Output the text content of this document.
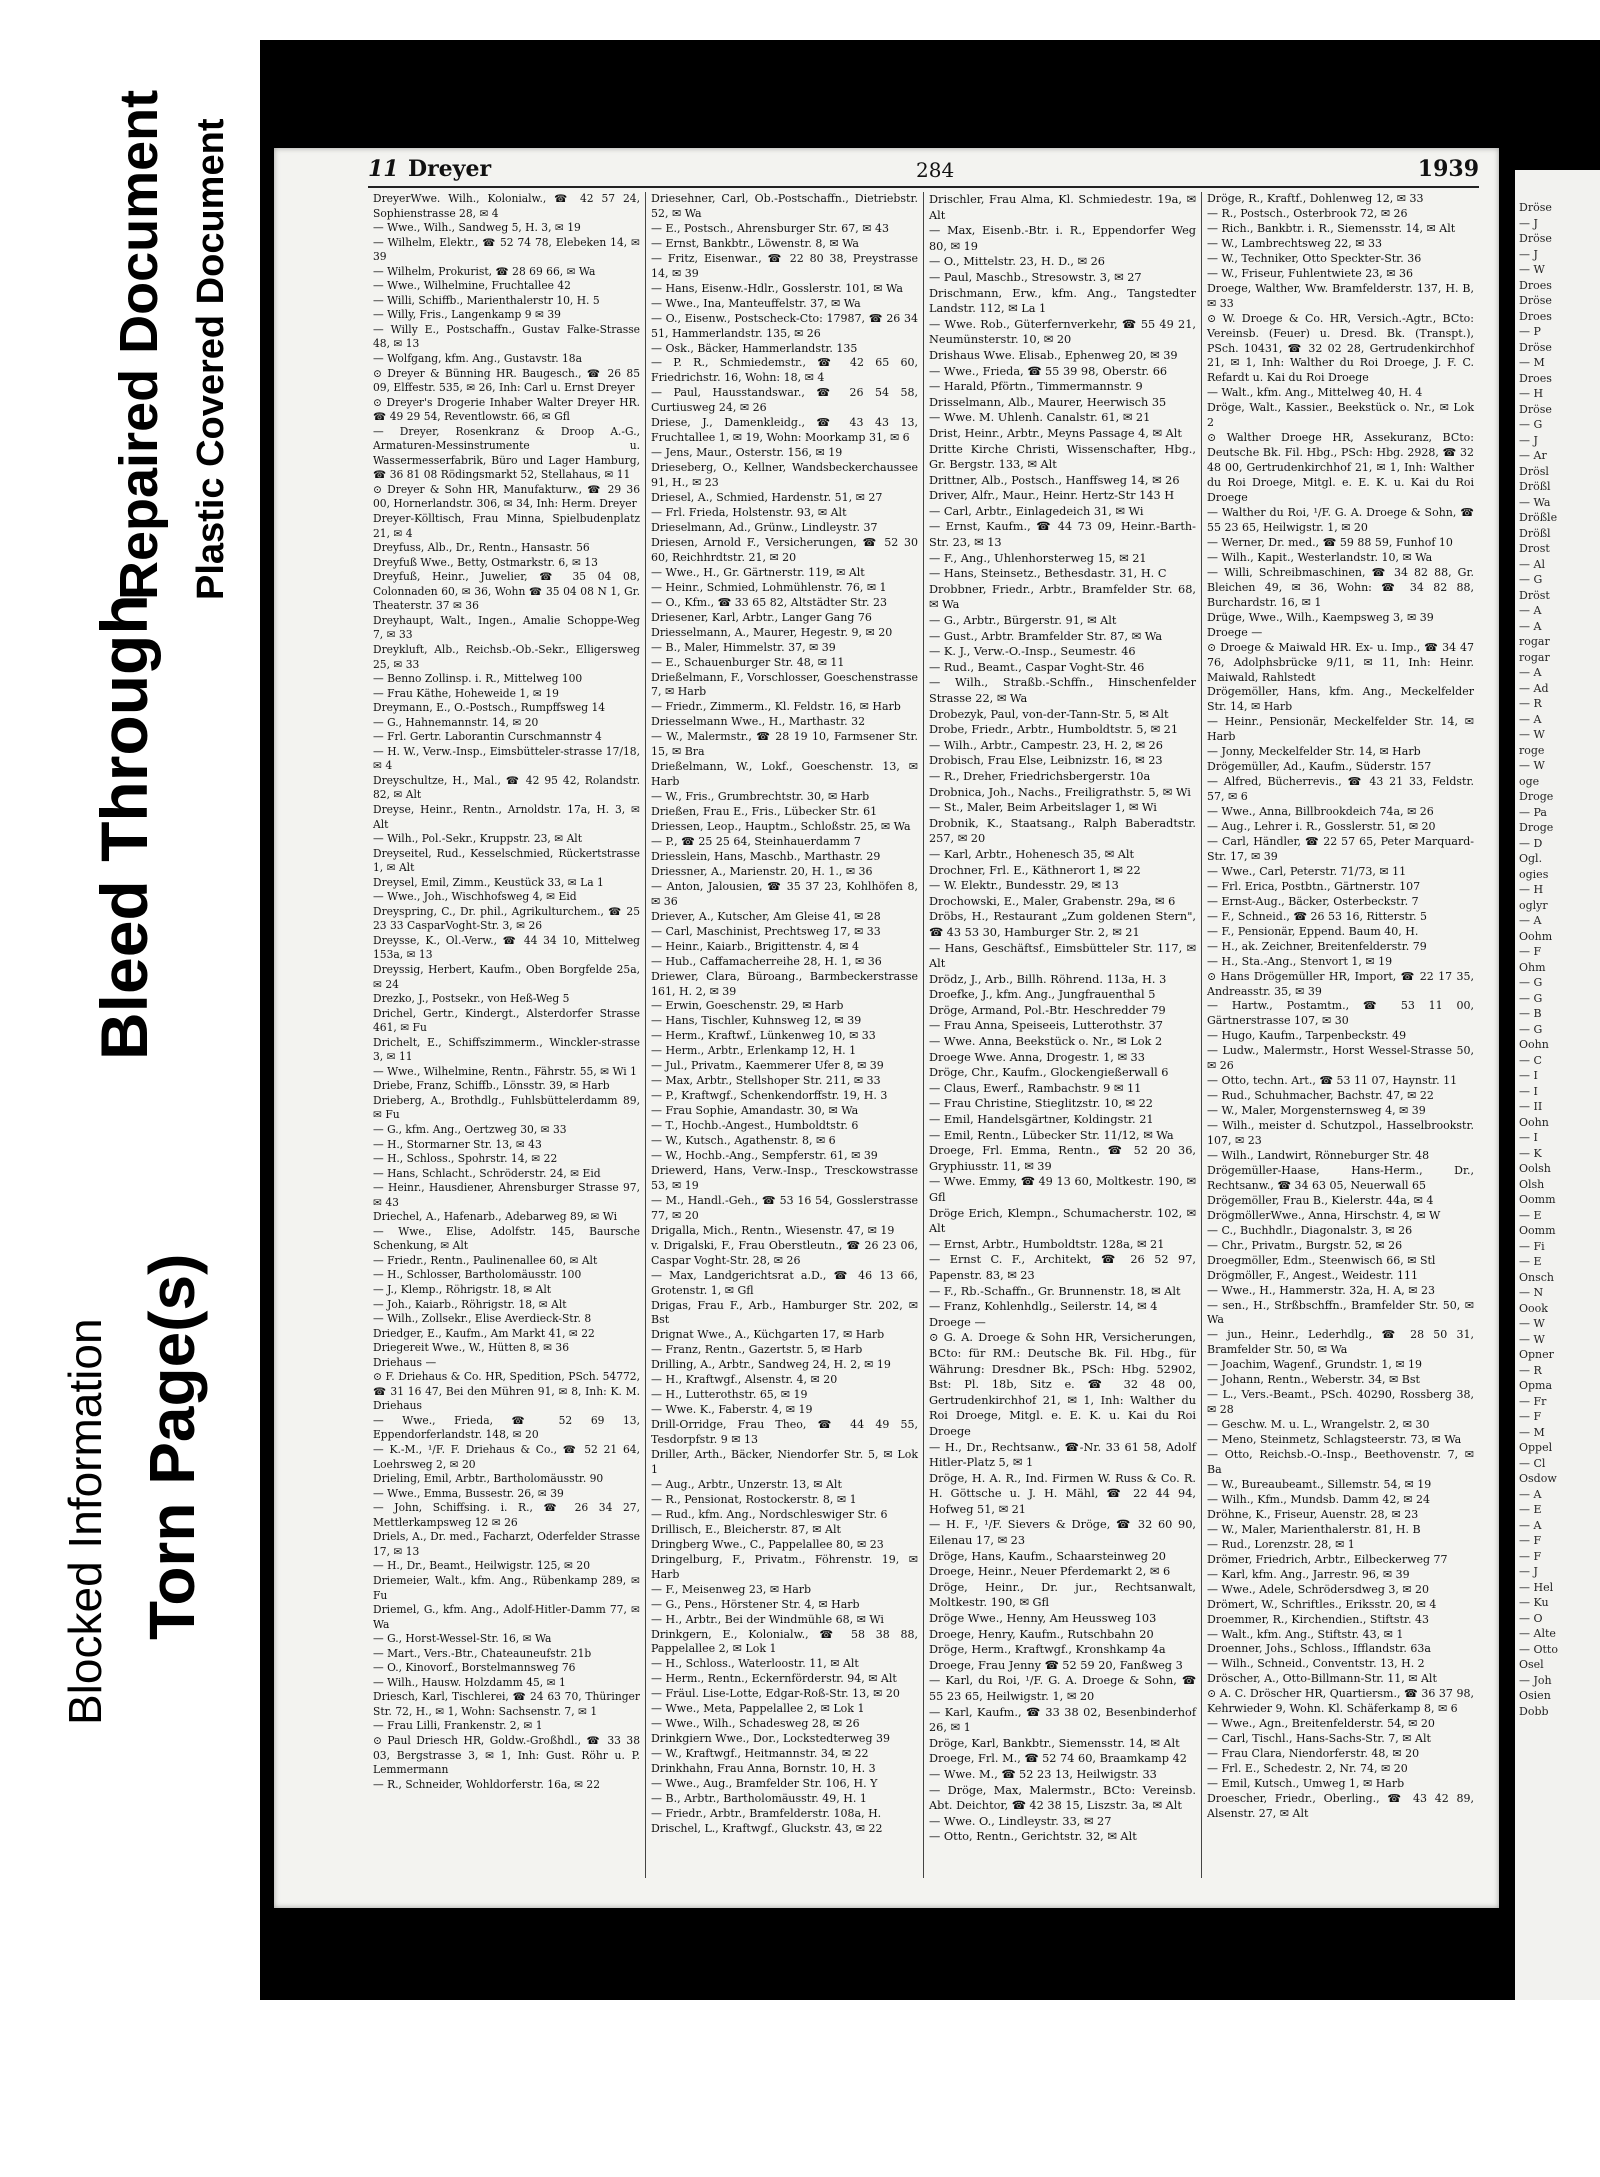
Blocked Information Torn Page(s)
Bleed Through
Repaired Document Plastic Covered Document	Dröse
— J
Dröse
— J
— W
Droes
Dröse
Droes
— P
Dröse
— M
Droes
— H
Dröse
— G
— J
— Ar
Drösl
Drößl
— Wa
Drößle
Drößl
Drost
— Al
— G
Dröst
— A
— A
rogar
rogar
— A
— Ad
— R
— A
— W
roge
— W
oge
Droge
— Pa
Droge
— D
Ogl.
ogies
— H
oglyr
— A
Oohm
— F
Ohm
— G
— G
— B
— G
Oohn
— C
— I
— I
— II
Oohn
— I
— K
Oolsh
Olsh
Oomm
— E
Oomm
— Fi
— E
Onsch
— N
Oook
— W
— W
Opner
— R
Opma
— Fr
— F
— M
Oppel
— Cl
Osdow
— A
— E
— A
— F
— F
— J
— Hel
— Ku
— O
— Alte
— Otto
Osel
— Joh
Osien
Dobb
11 Dreyer	284	1939
DreyerWwe. Wilh., Kolonialw., ☎ 42 57 24, Sophienstrasse 28, ✉ 4
— Wwe., Wilh., Sandweg 5, H. 3, ✉ 19
— Wilhelm, Elektr., ☎ 52 74 78, Elebeken 14, ✉ 39
— Wilhelm, Prokurist, ☎ 28 69 66, ✉ Wa
— Wwe., Wilhelmine, Fruchtallee 42
— Willi, Schiffb., Marienthalerstr 10, H. 5
— Willy, Fris., Langenkamp 9 ✉ 39
— Willy E., Postschaffn., Gustav Falke-Strasse 48, ✉ 13
— Wolfgang, kfm. Ang., Gustavstr. 18a
⊙ Dreyer & Bünning HR. Baugesch., ☎ 26 85 09, Elffestr. 535, ✉ 26, Inh: Carl u. Ernst Dreyer
⊙ Dreyer's Drogerie Inhaber Walter Dreyer HR. ☎ 49 29 54, Reventlowstr. 66, ✉ Gfl
— Dreyer, Rosenkranz & Droop A.-G., Armaturen-Messinstrumente u. Wassermesserfabrik, Büro und Lager Hamburg, ☎ 36 81 08 Rödingsmarkt 52, Stellahaus, ✉ 11
⊙ Dreyer & Sohn HR, Manufakturw., ☎ 29 36 00, Hornerlandstr. 306, ✉ 34, Inh: Herm. Dreyer
Dreyer-Kölltisch, Frau Minna, Spielbudenplatz 21, ✉ 4
Dreyfuss, Alb., Dr., Rentn., Hansastr. 56
Dreyfuß Wwe., Betty, Ostmarkstr. 6, ✉ 13
Dreyfuß, Heinr., Juwelier, ☎ 35 04 08, Colonnaden 60, ✉ 36, Wohn ☎ 35 04 08 N 1, Gr. Theaterstr. 37 ✉ 36
Dreyhaupt, Walt., Ingen., Amalie Schoppe-Weg 7, ✉ 33
Dreykluft, Alb., Reichsb.-Ob.-Sekr., Elligersweg 25, ✉ 33
— Benno Zollinsp. i. R., Mittelweg 100
— Frau Käthe, Hoheweide 1, ✉ 19
Dreymann, E., O.-Postsch., Rumpffsweg 14
— G., Hahnemannstr. 14, ✉ 20
— Frl. Gertr. Laborantin Curschmannstr 4
— H. W., Verw.-Insp., Eimsbütteler-strasse 17/18, ✉ 4
Dreyschultze, H., Mal., ☎ 42 95 42, Rolandstr. 82, ✉ Alt
Dreyse, Heinr., Rentn., Arnoldstr. 17a, H. 3, ✉ Alt
— Wilh., Pol.-Sekr., Kruppstr. 23, ✉ Alt
Dreyseitel, Rud., Kesselschmied, Rückertstrasse 1, ✉ Alt
Dreysel, Emil, Zimm., Keustück 33, ✉ La 1
— Wwe., Joh., Wischhofsweg 4, ✉ Eid
Dreyspring, C., Dr. phil., Agrikulturchem., ☎ 25 23 33 CasparVoght-Str. 3, ✉ 26
Dreysse, K., Ol.-Verw., ☎ 44 34 10, Mittelweg 153a, ✉ 13
Dreyssig, Herbert, Kaufm., Oben Borgfelde 25a, ✉ 24
Drezko, J., Postsekr., von Heß-Weg 5
Drichel, Gertr., Kindergt., Alsterdorfer Strasse 461, ✉ Fu
Drichelt, E., Schiffszimmerm., Winckler-strasse 3, ✉ 11
— Wwe., Wilhelmine, Rentn., Fährstr. 55, ✉ Wi 1
Driebe, Franz, Schiffb., Lönsstr. 39, ✉ Harb
Drieberg, A., Brothdlg., Fuhlsbüttelerdamm 89, ✉ Fu
— G., kfm. Ang., Oertzweg 30, ✉ 33
— H., Stormarner Str. 13, ✉ 43
— H., Schloss., Spohrstr. 14, ✉ 22
— Hans, Schlacht., Schröderstr. 24, ✉ Eid
— Heinr., Hausdiener, Ahrensburger Strasse 97, ✉ 43
Driechel, A., Hafenarb., Adebarweg 89, ✉ Wi
— Wwe., Elise, Adolfstr. 145, Baursche Schenkung, ✉ Alt
— Friedr., Rentn., Paulinenallee 60, ✉ Alt
— H., Schlosser, Bartholomäusstr. 100
— J., Klemp., Röhrigstr. 18, ✉ Alt
— Joh., Kaiarb., Röhrigstr. 18, ✉ Alt
— Wilh., Zollsekr., Elise Averdieck-Str. 8
Driedger, E., Kaufm., Am Markt 41, ✉ 22
Driegereit Wwe., W., Hütten 8, ✉ 36
Driehaus —
⊙ F. Driehaus & Co. HR, Spedition, PSch. 54772, ☎ 31 16 47, Bei den Mühren 91, ✉ 8, Inh: K. M. Driehaus
— Wwe., Frieda, ☎ 52 69 13, Eppendorferlandstr. 148, ✉ 20
— K.-M., ¹/F. F. Driehaus & Co., ☎ 52 21 64, Loehrsweg 2, ✉ 20
Drieling, Emil, Arbtr., Bartholomäusstr. 90
— Wwe., Emma, Bussestr. 26, ✉ 39
— John, Schiffsing. i. R., ☎ 26 34 27, Mettlerkampsweg 12 ✉ 26
Driels, A., Dr. med., Facharzt, Oderfelder Strasse 17, ✉ 13
— H., Dr., Beamt., Heilwigstr. 125, ✉ 20
Driemeier, Walt., kfm. Ang., Rübenkamp 289, ✉ Fu
Driemel, G., kfm. Ang., Adolf-Hitler-Damm 77, ✉ Wa
— G., Horst-Wessel-Str. 16, ✉ Wa
— Mart., Vers.-Btr., Chateauneufstr. 21b
— O., Kinovorf., Borstelmannsweg 76
— Wilh., Hausw. Holzdamm 45, ✉ 1
Driesch, Karl, Tischlerei, ☎ 24 63 70, Thüringer Str. 72, H., ✉ 1, Wohn: Sachsenstr. 7, ✉ 1
— Frau Lilli, Frankenstr. 2, ✉ 1
⊙ Paul Driesch HR, Goldw.-Großhdl., ☎ 33 38 03, Bergstrasse 3, ✉ 1, Inh: Gust. Röhr u. P. Lemmermann
— R., Schneider, Wohldorferstr. 16a, ✉ 22
Driesehner, Carl, Ob.-Postschaffn., Dietriebstr. 52, ✉ Wa
— E., Postsch., Ahrensburger Str. 67, ✉ 43
— Ernst, Bankbtr., Löwenstr. 8, ✉ Wa
— Fritz, Eisenwar., ☎ 22 80 38, Preystrasse 14, ✉ 39
— Hans, Eisenw.-Hdlr., Gosslerstr. 101, ✉ Wa
— Wwe., Ina, Manteuffelstr. 37, ✉ Wa
— O., Eisenw., Postscheck-Cto: 17987, ☎ 26 34 51, Hammerlandstr. 135, ✉ 26
— Osk., Bäcker, Hammerlandstr. 135
— P. R., Schmiedemstr., ☎ 42 65 60, Friedrichstr. 16, Wohn: 18, ✉ 4
— Paul, Hausstandswar., ☎ 26 54 58, Curtiusweg 24, ✉ 26
Driese, J., Damenkleidg., ☎ 43 43 13, Fruchtallee 1, ✉ 19, Wohn: Moorkamp 31, ✉ 6
— Jens, Maur., Osterstr. 156, ✉ 19
Drieseberg, O., Kellner, Wandsbeckerchaussee 91, H., ✉ 23
Driesel, A., Schmied, Hardenstr. 51, ✉ 27
— Frl. Frieda, Holstenstr. 93, ✉ Alt
Drieselmann, Ad., Grünw., Lindleystr. 37
Driesen, Arnold F., Versicherungen, ☎ 52 30 60, Reichhrdtstr. 21, ✉ 20
— Wwe., H., Gr. Gärtnerstr. 119, ✉ Alt
— Heinr., Schmied, Lohmühlenstr. 76, ✉ 1
— O., Kfm., ☎ 33 65 82, Altstädter Str. 23
Driesener, Karl, Arbtr., Langer Gang 76
Driesselmann, A., Maurer, Hegestr. 9, ✉ 20
— B., Maler, Himmelstr. 37, ✉ 39
— E., Schauenburger Str. 48, ✉ 11
Drießelmann, F., Vorschlosser, Goeschenstrasse 7, ✉ Harb
— Friedr., Zimmerm., Kl. Feldstr. 16, ✉ Harb
Driesselmann Wwe., H., Marthastr. 32
— W., Malermstr., ☎ 28 19 10, Farmsener Str. 15, ✉ Bra
Drießelmann, W., Lokf., Goeschenstr. 13, ✉ Harb
— W., Fris., Grumbrechtstr. 30, ✉ Harb
Drießen, Frau E., Fris., Lübecker Str. 61
Driessen, Leop., Hauptm., Schloßstr. 25, ✉ Wa
— P., ☎ 25 25 64, Steinhauerdamm 7
Driesslein, Hans, Maschb., Marthastr. 29
Driessner, A., Marienstr. 20, H. 1., ✉ 36
— Anton, Jalousien, ☎ 35 37 23, Kohlhöfen 8, ✉ 36
Driever, A., Kutscher, Am Gleise 41, ✉ 28
— Carl, Maschinist, Prechtsweg 17, ✉ 33
— Heinr., Kaiarb., Brigittenstr. 4, ✉ 4
— Hub., Caffamacherreihe 28, H. 1, ✉ 36
Driewer, Clara, Büroang., Barmbeckerstrasse 161, H. 2, ✉ 39
— Erwin, Goeschenstr. 29, ✉ Harb
— Hans, Tischler, Kuhnsweg 12, ✉ 39
— Herm., Kraftwf., Lünkenweg 10, ✉ 33
— Herm., Arbtr., Erlenkamp 12, H. 1
— Jul., Privatm., Kaemmerer Ufer 8, ✉ 39
— Max, Arbtr., Stellshoper Str. 211, ✉ 33
— P., Kraftwgf., Schenkendorffstr. 19, H. 3
— Frau Sophie, Amandastr. 30, ✉ Wa
— T., Hochb.-Angest., Humboldtstr. 6
— W., Kutsch., Agathenstr. 8, ✉ 6
— W., Hochb.-Ang., Sempferstr. 61, ✉ 39
Driewerd, Hans, Verw.-Insp., Tresckowstrasse 53, ✉ 19
— M., Handl.-Geh., ☎ 53 16 54, Gosslerstrasse 77, ✉ 20
Drigalla, Mich., Rentn., Wiesenstr. 47, ✉ 19
v. Drigalski, F., Frau Oberstleutn., ☎ 26 23 06, Caspar Voght-Str. 28, ✉ 26
— Max, Landgerichtsrat a.D., ☎ 46 13 66, Grotenstr. 1, ✉ Gfl
Drigas, Frau F., Arb., Hamburger Str. 202, ✉ Bst
Drignat Wwe., A., Küchgarten 17, ✉ Harb
— Franz, Rentn., Gazertstr. 5, ✉ Harb
Drilling, A., Arbtr., Sandweg 24, H. 2, ✉ 19
— H., Kraftwgf., Alsenstr. 4, ✉ 20
— H., Lutterothstr. 65, ✉ 19
— Wwe. K., Faberstr. 4, ✉ 19
Drill-Orridge, Frau Theo, ☎ 44 49 55, Tesdorpfstr. 9 ✉ 13
Driller, Arth., Bäcker, Niendorfer Str. 5, ✉ Lok 1
— Aug., Arbtr., Unzerstr. 13, ✉ Alt
— R., Pensionat, Rostockerstr. 8, ✉ 1
— Rud., kfm. Ang., Nordschleswiger Str. 6
Drillisch, E., Bleicherstr. 87, ✉ Alt
Dringberg Wwe., C., Pappelallee 80, ✉ 23
Dringelburg, F., Privatm., Föhrenstr. 19, ✉ Harb
— F., Meisenweg 23, ✉ Harb
— G., Pens., Hörstener Str. 4, ✉ Harb
— H., Arbtr., Bei der Windmühle 68, ✉ Wi
Drinkgern, E., Kolonialw., ☎ 58 38 88, Pappelallee 2, ✉ Lok 1
— H., Schloss., Waterloostr. 11, ✉ Alt
— Herm., Rentn., Eckernförderstr. 94, ✉ Alt
— Fräul. Lise-Lotte, Edgar-Roß-Str. 13, ✉ 20
— Wwe., Meta, Pappelallee 2, ✉ Lok 1
— Wwe., Wilh., Schadesweg 28, ✉ 26
Drinkgiern Wwe., Dor., Lockstedterweg 39
— W., Kraftwgf., Heitmannstr. 34, ✉ 22
Drinkhahn, Frau Anna, Bornstr. 10, H. 3
— Wwe., Aug., Bramfelder Str. 106, H. Y
— B., Arbtr., Bartholomäusstr. 49, H. 1
— Friedr., Arbtr., Bramfelderstr. 108a, H.
Drischel, L., Kraftwgf., Gluckstr. 43, ✉ 22
Drischler, Frau Alma, Kl. Schmiedestr. 19a, ✉ Alt
— Max, Eisenb.-Btr. i. R., Eppendorfer Weg 80, ✉ 19
— O., Mittelstr. 23, H. D., ✉ 26
— Paul, Maschb., Stresowstr. 3, ✉ 27
Drischmann, Erw., kfm. Ang., Tangstedter Landstr. 112, ✉ La 1
— Wwe. Rob., Güterfernverkehr, ☎ 55 49 21, Neumünsterstr. 10, ✉ 20
Drishaus Wwe. Elisab., Ephenweg 20, ✉ 39
— Wwe., Frieda, ☎ 55 39 98, Oberstr. 66
— Harald, Pförtn., Timmermannstr. 9
Drisselmann, Alb., Maurer, Heerwisch 35
— Wwe. M. Uhlenh. Canalstr. 61, ✉ 21
Drist, Heinr., Arbtr., Meyns Passage 4, ✉ Alt
Dritte Kirche Christi, Wissenschafter, Hbg., Gr. Bergstr. 133, ✉ Alt
Drittner, Alb., Postsch., Hanffsweg 14, ✉ 26
Driver, Alfr., Maur., Heinr. Hertz-Str 143 H
— Carl, Arbtr., Einlagedeich 31, ✉ Wi
— Ernst, Kaufm., ☎ 44 73 09, Heinr.-Barth-Str. 23, ✉ 13
— F., Ang., Uhlenhorsterweg 15, ✉ 21
— Hans, Steinsetz., Bethesdastr. 31, H. C
Drobbner, Friedr., Arbtr., Bramfelder Str. 68, ✉ Wa
— G., Arbtr., Bürgerstr. 91, ✉ Alt
— Gust., Arbtr. Bramfelder Str. 87, ✉ Wa
— K. J., Verw.-O.-Insp., Seumestr. 46
— Rud., Beamt., Caspar Voght-Str. 46
— Wilh., Straßb.-Schffn., Hinschenfelder Strasse 22, ✉ Wa
Drobezyk, Paul, von-der-Tann-Str. 5, ✉ Alt
Drobe, Friedr., Arbtr., Humboldtstr. 5, ✉ 21
— Wilh., Arbtr., Campestr. 23, H. 2, ✉ 26
Drobisch, Frau Else, Leibnizstr. 16, ✉ 23
— R., Dreher, Friedrichsbergerstr. 10a
Drobnica, Joh., Nachs., Freiligrathstr. 5, ✉ Wi
— St., Maler, Beim Arbeitslager 1, ✉ Wi
Drobnik, K., Staatsang., Ralph Baberadtstr. 257, ✉ 20
— Karl, Arbtr., Hohenesch 35, ✉ Alt
Drochner, Frl. E., Käthnerort 1, ✉ 22
— W. Elektr., Bundesstr. 29, ✉ 13
Drochowski, E., Maler, Grabenstr. 29a, ✉ 6
Dröbs, H., Restaurant „Zum goldenen Stern", ☎ 43 53 30, Hamburger Str. 2, ✉ 21
— Hans, Geschäftsf., Eimsbütteler Str. 117, ✉ Alt
Drödz, J., Arb., Billh. Röhrend. 113a, H. 3
Droefke, J., kfm. Ang., Jungfrauenthal 5
Dröge, Armand, Pol.-Btr. Heschredder 79
— Frau Anna, Speiseeis, Lutterothstr. 37
— Wwe. Anna, Beekstück o. Nr., ✉ Lok 2
Droege Wwe. Anna, Drogestr. 1, ✉ 33
Dröge, Chr., Kaufm., Glockengießerwall 6
— Claus, Ewerf., Rambachstr. 9 ✉ 11
— Frau Christine, Stieglitzstr. 10, ✉ 22
— Emil, Handelsgärtner, Koldingstr. 21
— Emil, Rentn., Lübecker Str. 11/12, ✉ Wa
Droege, Frl. Emma, Rentn., ☎ 52 20 36, Gryphiusstr. 11, ✉ 39
— Wwe. Emmy, ☎ 49 13 60, Moltkestr. 190, ✉ Gfl
Dröge Erich, Klempn., Schumacherstr. 102, ✉ Alt
— Ernst, Arbtr., Humboldtstr. 128a, ✉ 21
— Ernst C. F., Architekt, ☎ 26 52 97, Papenstr. 83, ✉ 23
— F., Rb.-Schaffn., Gr. Brunnenstr. 18, ✉ Alt
— Franz, Kohlenhdlg., Seilerstr. 14, ✉ 4
Droege —
⊙ G. A. Droege & Sohn HR, Versicherungen, BCto: für RM.: Deutsche Bk. Fil. Hbg., für Währung: Dresdner Bk., PSch: Hbg. 52902, Bst: Pl. 18b, Sitz e. ☎ 32 48 00, Gertrudenkirchhof 21, ✉ 1, Inh: Walther du Roi Droege, Mitgl. e. E. K. u. Kai du Roi Droege
— H., Dr., Rechtsanw., ☎-Nr. 33 61 58, Adolf Hitler-Platz 5, ✉ 1
Dröge, H. A. R., Ind. Firmen W. Russ & Co. R. H. Göttsche u. J. H. Mähl, ☎ 22 44 94, Hofweg 51, ✉ 21
— H. F., ¹/F. Sievers & Dröge, ☎ 32 60 90, Eilenau 17, ✉ 23
Dröge, Hans, Kaufm., Schaarsteinweg 20
Droege, Heinr., Neuer Pferdemarkt 2, ✉ 6
Dröge, Heinr., Dr. jur., Rechtsanwalt, Moltkestr. 190, ✉ Gfl
Dröge Wwe., Henny, Am Heussweg 103
Droege, Henry, Kaufm., Rutschbahn 20
Dröge, Herm., Kraftwgf., Kronshkamp 4a
Droege, Frau Jenny ☎ 52 59 20, Fanßweg 3
— Karl, du Roi, ¹/F. G. A. Droege & Sohn, ☎ 55 23 65, Heilwigstr. 1, ✉ 20
— Karl, Kaufm., ☎ 33 38 02, Besenbinderhof 26, ✉ 1
Dröge, Karl, Bankbtr., Siemensstr. 14, ✉ Alt
Droege, Frl. M., ☎ 52 74 60, Braamkamp 42
— Wwe. M., ☎ 52 23 13, Heilwigstr. 33
— Dröge, Max, Malermstr., BCto: Vereinsb. Abt. Deichtor, ☎ 42 38 15, Liszstr. 3a, ✉ Alt
— Wwe. O., Lindleystr. 33, ✉ 27
— Otto, Rentn., Gerichtstr. 32, ✉ Alt
Dröge, R., Kraftf., Dohlenweg 12, ✉ 33
— R., Postsch., Osterbrook 72, ✉ 26
— Rich., Bankbtr. i. R., Siemensstr. 14, ✉ Alt
— W., Lambrechtsweg 22, ✉ 33
— W., Techniker, Otto Speckter-Str. 36
— W., Friseur, Fuhlentwiete 23, ✉ 36
Droege, Walther, Ww. Bramfelderstr. 137, H. B, ✉ 33
⊙ W. Droege & Co. HR, Versich.-Agtr., BCto: Vereinsb. (Feuer) u. Dresd. Bk. (Transpt.), PSch. 10431, ☎ 32 02 28, Gertrudenkirchhof 21, ✉ 1, Inh: Walther du Roi Droege, J. F. C. Refardt u. Kai du Roi Droege
— Walt., kfm. Ang., Mittelweg 40, H. 4
Dröge, Walt., Kassier., Beekstück o. Nr., ✉ Lok 2
⊙ Walther Droege HR, Assekuranz, BCto: Deutsche Bk. Fil. Hbg., PSch: Hbg. 2928, ☎ 32 48 00, Gertrudenkirchhof 21, ✉ 1, Inh: Walther du Roi Droege, Mitgl. e. E. K. u. Kai du Roi Droege
— Walther du Roi, ¹/F. G. A. Droege & Sohn, ☎ 55 23 65, Heilwigstr. 1, ✉ 20
— Werner, Dr. med., ☎ 59 88 59, Funhof 10
— Wilh., Kapit., Westerlandstr. 10, ✉ Wa
— Willi, Schreibmaschinen, ☎ 34 82 88, Gr. Bleichen 49, ✉ 36, Wohn: ☎ 34 82 88, Burchardstr. 16, ✉ 1
Drüge, Wwe., Wilh., Kaempsweg 3, ✉ 39
Droege —
⊙ Droege & Maiwald HR. Ex- u. Imp., ☎ 34 47 76, Adolphsbrücke 9/11, ✉ 11, Inh: Heinr. Maiwald, Rahlstedt
Drögemöller, Hans, kfm. Ang., Meckelfelder Str. 14, ✉ Harb
— Heinr., Pensionär, Meckelfelder Str. 14, ✉ Harb
— Jonny, Meckelfelder Str. 14, ✉ Harb
Drögemüller, Ad., Kaufm., Süderstr. 157
— Alfred, Bücherrevis., ☎ 43 21 33, Feldstr. 57, ✉ 6
— Wwe., Anna, Billbrookdeich 74a, ✉ 26
— Aug., Lehrer i. R., Gosslerstr. 51, ✉ 20
— Carl, Händler, ☎ 22 57 65, Peter Marquard-Str. 17, ✉ 39
— Wwe., Carl, Peterstr. 71/73, ✉ 11
— Frl. Erica, Postbtn., Gärtnerstr. 107
— Ernst-Aug., Bäcker, Osterbeckstr. 7
— F., Schneid., ☎ 26 53 16, Ritterstr. 5
— F., Pensionär, Eppend. Baum 40, H.
— H., ak. Zeichner, Breitenfelderstr. 79
— H., Sta.-Ang., Stenvort 1, ✉ 19
⊙ Hans Drögemüller HR, Import, ☎ 22 17 35, Andreasstr. 35, ✉ 39
— Hartw., Postamtm., ☎ 53 11 00, Gärtnerstrasse 107, ✉ 30
— Hugo, Kaufm., Tarpenbeckstr. 49
— Ludw., Malermstr., Horst Wessel-Strasse 50, ✉ 26
— Otto, techn. Art., ☎ 53 11 07, Haynstr. 11
— Rud., Schuhmacher, Bachstr. 47, ✉ 22
— W., Maler, Morgensternsweg 4, ✉ 39
— Wilh., meister d. Schutzpol., Hasselbrookstr. 107, ✉ 23
— Wilh., Landwirt, Rönneburger Str. 48
Drögemüller-Haase, Hans-Herm., Dr., Rechtsanw., ☎ 34 63 05, Neuerwall 65
Drögemöller, Frau B., Kielerstr. 44a, ✉ 4
DrögmöllerWwe., Anna, Hirschstr. 4, ✉ W
— C., Buchhdlr., Diagonalstr. 3, ✉ 26
— Chr., Privatm., Burgstr. 52, ✉ 26
Droegmöller, Edm., Steenwisch 66, ✉ Stl
Drögmöller, F., Angest., Weidestr. 111
— Wwe., H., Hammerstr. 32a, H. A, ✉ 23
— sen., H., Strßbschffn., Bramfelder Str. 50, ✉ Wa
— jun., Heinr., Lederhdlg., ☎ 28 50 31, Bramfelder Str. 50, ✉ Wa
— Joachim, Wagenf., Grundstr. 1, ✉ 19
— Johann, Rentn., Weberstr. 34, ✉ Bst
— L., Vers.-Beamt., PSch. 40290, Rossberg 38, ✉ 28
— Geschw. M. u. L., Wrangelstr. 2, ✉ 30
— Meno, Steinmetz, Schlagsteerstr. 73, ✉ Wa
— Otto, Reichsb.-O.-Insp., Beethovenstr. 7, ✉ Ba
— W., Bureaubeamt., Sillemstr. 54, ✉ 19
— Wilh., Kfm., Mundsb. Damm 42, ✉ 24
Dröhne, K., Friseur, Auenstr. 28, ✉ 23
— W., Maler, Marienthalerstr. 81, H. B
— Rud., Lorenzstr. 28, ✉ 1
Drömer, Friedrich, Arbtr., Eilbeckerweg 77
— Karl, kfm. Ang., Jarrestr. 96, ✉ 39
— Wwe., Adele, Schrödersdweg 3, ✉ 20
Drömert, W., Schriftles., Eriksstr. 20, ✉ 4
Droemmer, R., Kirchendien., Stiftstr. 43
— Walt., kfm. Ang., Stiftstr. 43, ✉ 1
Droenner, Johs., Schloss., Ifflandstr. 63a
— Wilh., Schneid., Conventstr. 13, H. 2
Dröscher, A., Otto-Billmann-Str. 11, ✉ Alt
⊙ A. C. Dröscher HR, Quartiersm., ☎ 36 37 98, Kehrwieder 9, Wohn. Kl. Schäferkamp 8, ✉ 6
— Wwe., Agn., Breitenfelderstr. 54, ✉ 20
— Carl, Tischl., Hans-Sachs-Str. 7, ✉ Alt
— Frau Clara, Niendorferstr. 48, ✉ 20
— Frl. E., Schedestr. 2, Nr. 74, ✉ 20
— Emil, Kutsch., Umweg 1, ✉ Harb
Droescher, Friedr., Oberling., ☎ 43 42 89, Alsenstr. 27, ✉ Alt
